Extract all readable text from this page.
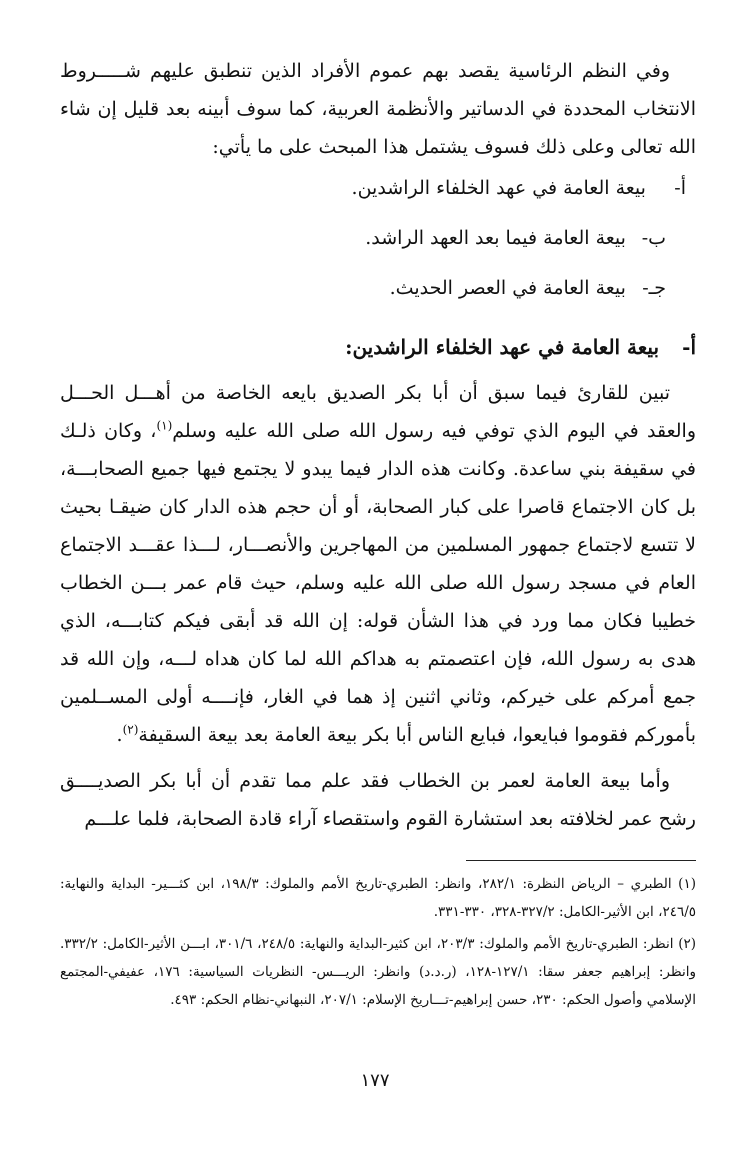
وفي النظم الرئاسية يقصد بهم عموم الأفراد الذين تنطبق عليهم شـــــروط الانتخاب المحددة في الدساتير والأنظمة العربية، كما سوف أبينه بعد قليل إن شاء الله تعالى وعلى ذلك فسوف يشتمل هذا المبحث على ما يأتي:

أ- بيعة العامة في عهد الخلفاء الراشدين.
ب- بيعة العامة فيما بعد العهد الراشد.
جـ- بيعة العامة في العصر الحديث.
أ- بيعة العامة في عهد الخلفاء الراشدين:

تبين للقارئ فيما سبق أن أبا بكر الصديق بايعه الخاصة من أهـــل الحـــل والعقد في اليوم الذي توفي فيه رسول الله صلى الله عليه وسلم$^{(١)}$، وكان ذلـك في سقيفة بني ساعدة. وكانت هذه الدار فيما يبدو لا يجتمع فيها جميع الصحابـــة، بل كان الاجتماع قاصرا على كبار الصحابة، أو أن حجم هذه الدار كان ضيقـا بحيث لا تتسع لاجتماع جمهور المسلمين من المهاجرين والأنصـــار، لـــذا عقـــد الاجتماع العام في مسجد رسول الله صلى الله عليه وسلم، حيث قام عمر بـــن الخطاب خطيبا فكان مما ورد في هذا الشأن قوله: إن الله قد أبقى فيكم كتابـــه، الذي هدى به رسول الله، فإن اعتصمتم به هداكم الله لما كان هداه لـــه، وإن الله قد جمع أمركم على خيركم، وثاني اثنين إذ هما في الغار، فإنــــه أولى المســلمين بأموركم فقوموا فبايعوا، فبايع الناس أبا بكر بيعة العامة بعد بيعة السقيفة$^{(٢)}$.

وأما بيعة العامة لعمر بن الخطاب فقد علم مما تقدم أن أبا بكر الصديــــق رشح عمر لخلافته بعد استشارة القوم واستقصاء آراء قادة الصحابة، فلما علـــم

(١) الطبري – الرياض النظرة: ٢٨٢/١، وانظر: الطبري-تاريخ الأمم والملوك: ١٩٨/٣، ابن كثـــير- البداية والنهاية: ٢٤٦/٥، ابن الأثير-الكامل: ٣٢٧/٢-٣٢٨، ٣٣٠-٣٣١.

(٢) انظر: الطبري-تاريخ الأمم والملوك: ٢٠٣/٣، ابن كثير-البداية والنهاية: ٢٤٨/٥، ٣٠١/٦، ابـــن الأثير-الكامل: ٣٣٢/٢. وانظر: إبراهيم جعفر سقا: ١٢٧/١-١٢٨، (ر.د.د) وانظر: الريـــس- النظريات السياسية: ١٧٦، عفيفي-المجتمع الإسلامي وأصول الحكم: ٢٣٠، حسن إبراهيم-تـــاريخ الإسلام: ٢٠٧/١، النبهاني-نظام الحكم: ٤٩٣.

١٧٧
